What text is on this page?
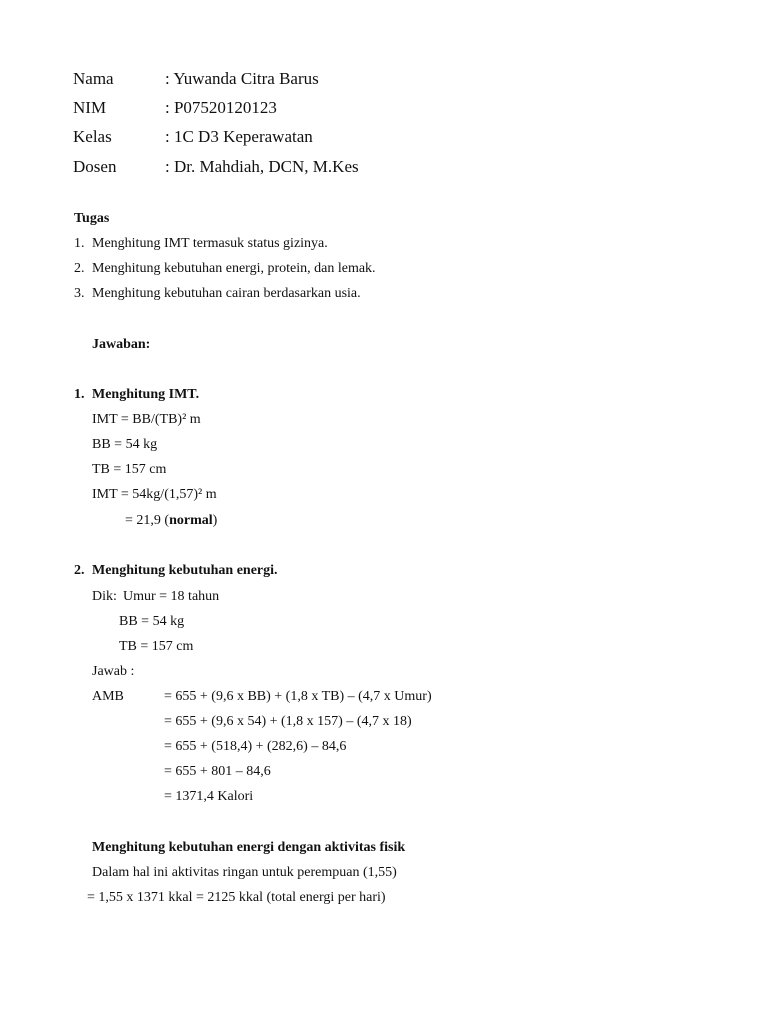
Nama	: Yuwanda Citra Barus
NIM	: P07520120123
Kelas	: 1C D3 Keperawatan
Dosen	: Dr. Mahdiah, DCN, M.Kes
Tugas
1. Menghitung IMT termasuk status gizinya.
2. Menghitung kebutuhan energi, protein, dan lemak.
3. Menghitung kebutuhan cairan berdasarkan usia.
Jawaban:
1. Menghitung IMT.
IMT = BB/(TB)² m
BB = 54 kg
TB = 157 cm
IMT = 54kg/(1,57)² m
= 21,9 (normal)
2. Menghitung kebutuhan energi.
Dik: Umur = 18 tahun
BB = 54 kg
TB = 157 cm
Jawab :
AMB	= 655 + (9,6 x BB) + (1,8 x TB) – (4,7 x Umur)
= 655 + (9,6 x 54) + (1,8 x 157) – (4,7 x 18)
= 655 + (518,4) + (282,6) – 84,6
= 655 + 801 – 84,6
= 1371,4 Kalori
Menghitung kebutuhan energi dengan aktivitas fisik
Dalam hal ini aktivitas ringan untuk perempuan (1,55)
= 1,55 x 1371 kkal = 2125 kkal (total energi per hari)
